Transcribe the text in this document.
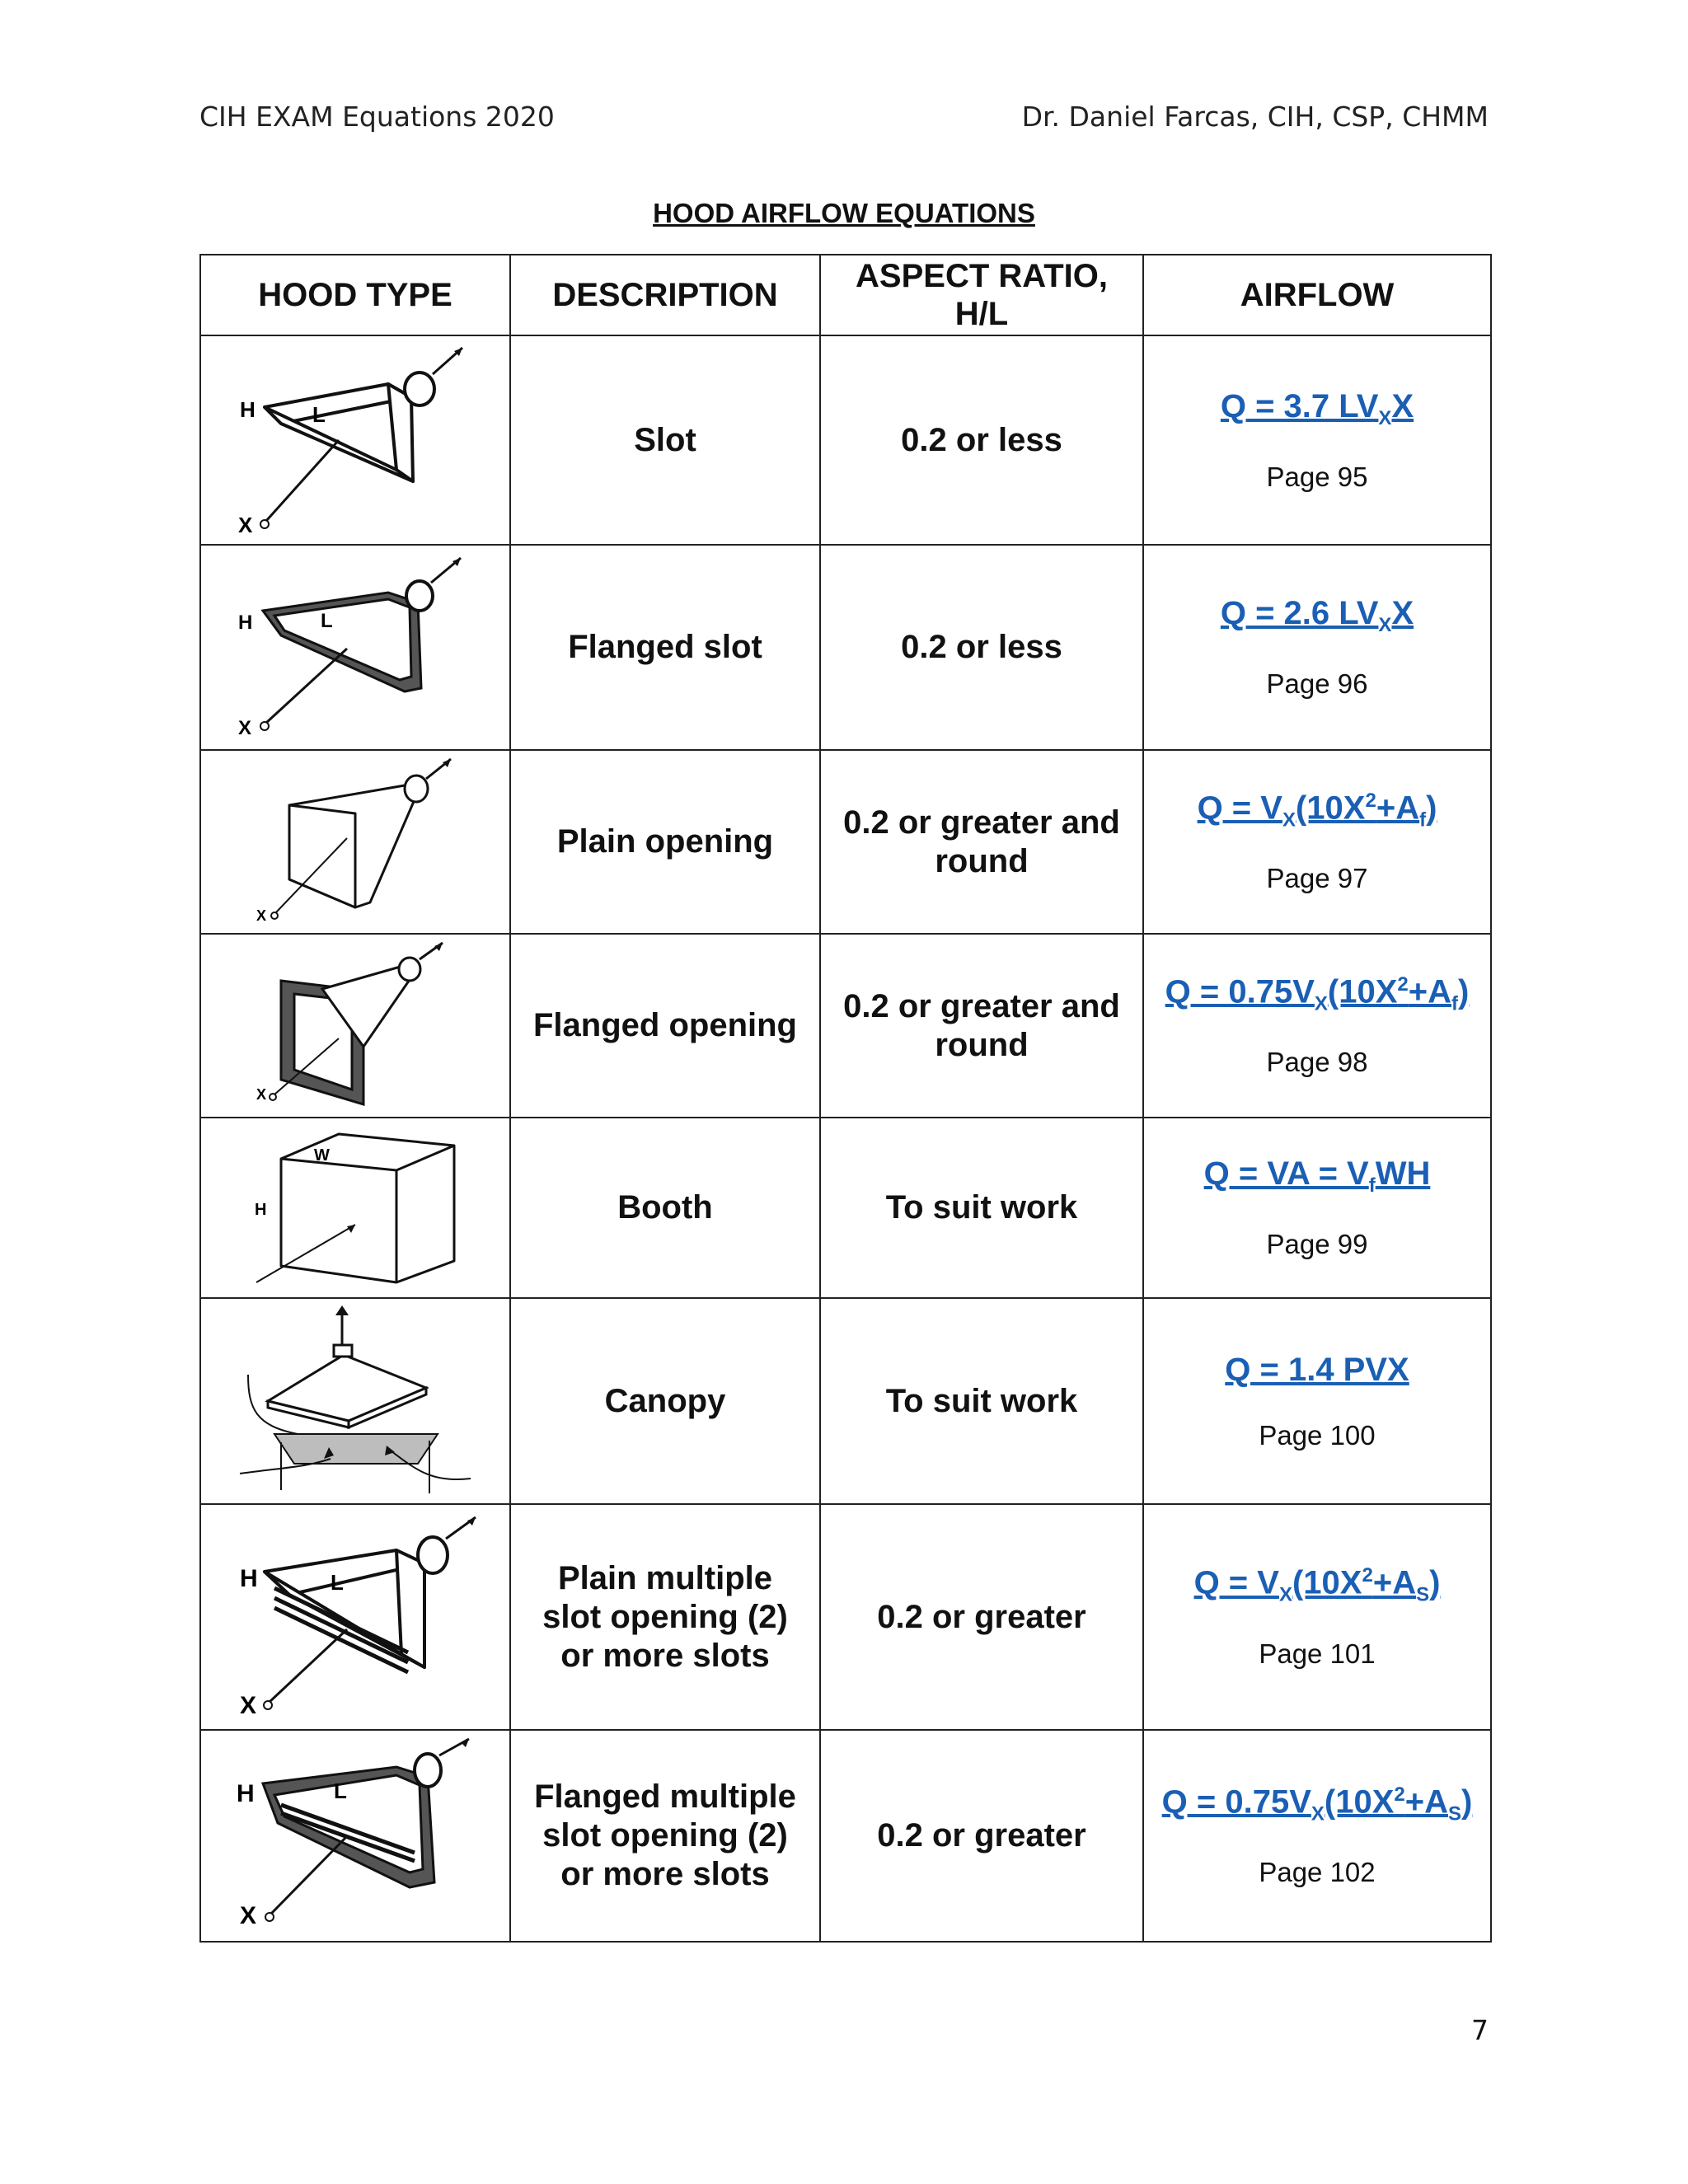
CIH EXAM Equations 2020	Dr. Daniel Farcas, CIH, CSP, CHMM
HOOD AIRFLOW EQUATIONS
HOOD TYPE	DESCRIPTION	ASPECT RATIO, H/L	AIRFLOW

H L
X	Slot	0.2 or less	Q = 3.7 $LV_XX$
Page 95

H L
X	Flanged slot	0.2 or less	Q = 2.6 $LV_XX$
Page 96

X	Plain opening	0.2 or greater and round	$Q = V_X(10X^2+A_f)$
Page 97

X	Flanged opening	0.2 or greater and round	$Q = 0.75V_X(10X^2+A_f)$
Page 98

W
H	Booth	To suit work	Q = VA = $V_fWH$
Page 99

	Canopy	To suit work	Q = 1.4 PVX
Page 100

H L
X	Plain multiple slot opening (2) or more slots	0.2 or greater	$Q = V_X(10X^2+A_S)$
Page 101

H L
X	Flanged multiple slot opening (2) or more slots	0.2 or greater	$Q = 0.75V_X(10X^2+A_S)$
Page 102
7
